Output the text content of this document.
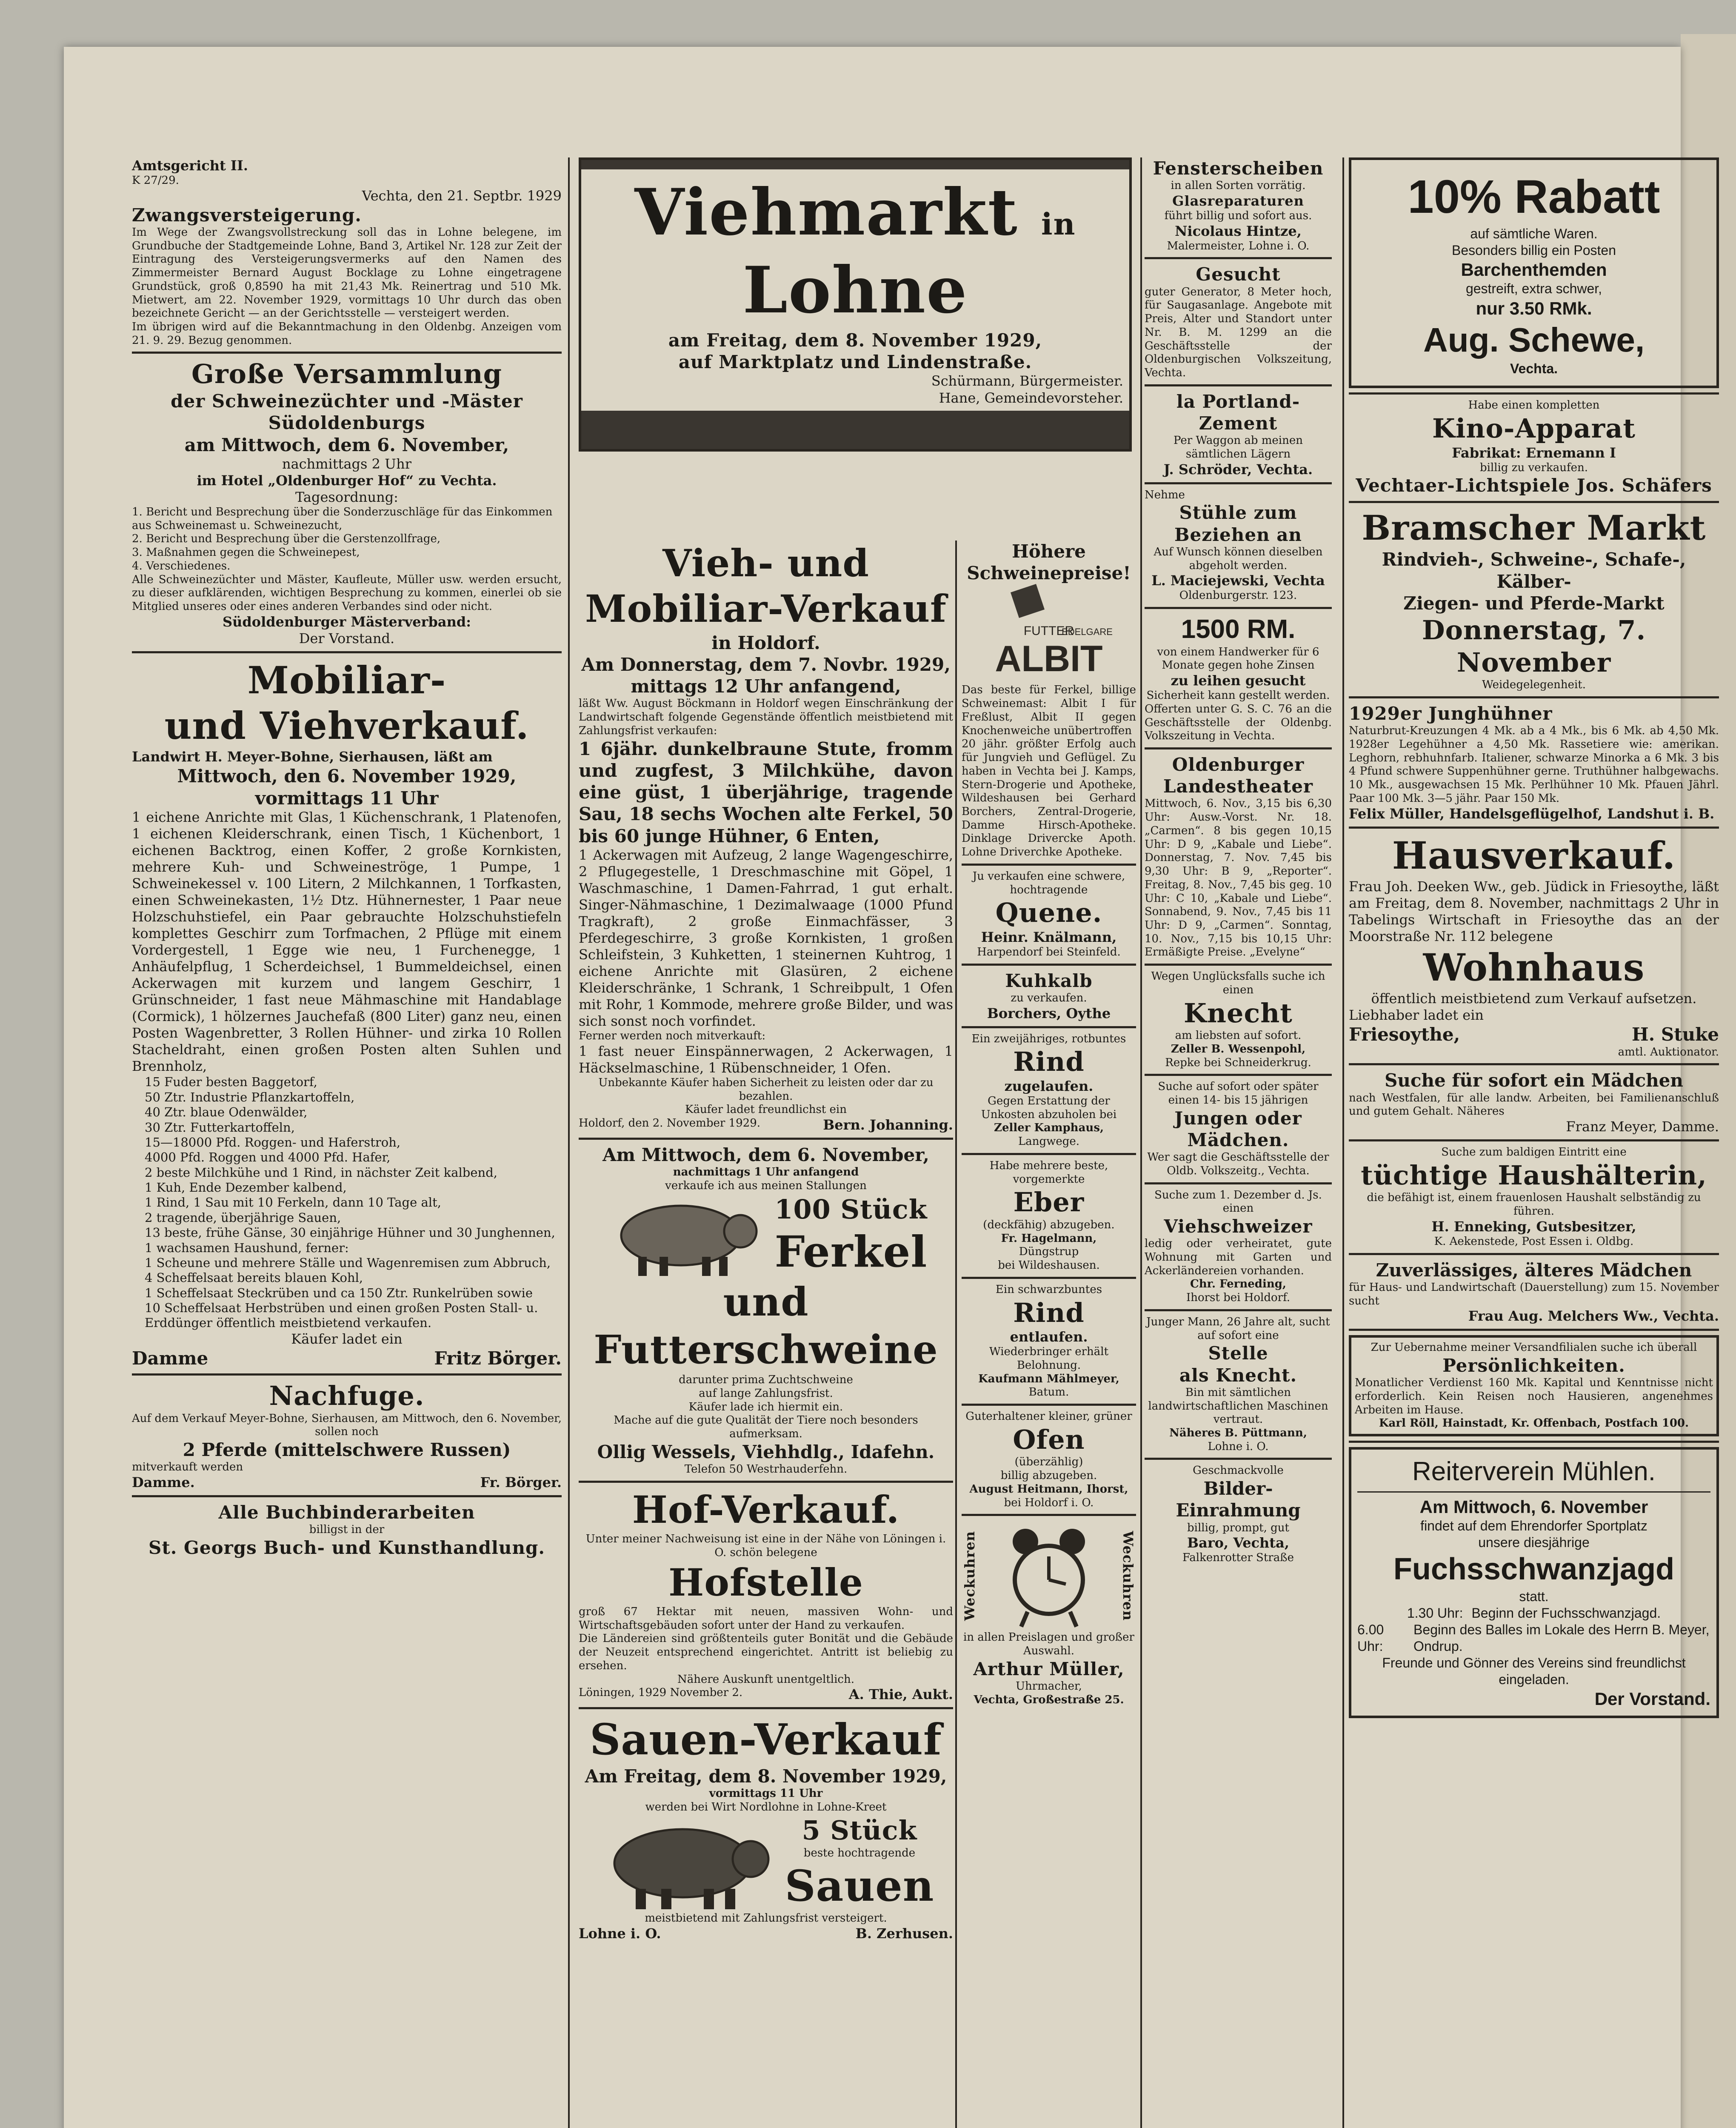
Amtsgericht II.

K 27/29.

Vechta, den 21. Septbr. 1929

Zwangsversteigerung.

Im Wege der Zwangsvollstreckung soll das in Lohne belegene, im Grundbuche der Stadtgemeinde Lohne, Band 3, Artikel Nr. 128 zur Zeit der Eintragung des Versteigerungsvermerks auf den Namen des Zimmermeister Bernard August Bocklage zu Lohne eingetragene Grundstück, groß 0,8590 ha mit 21,43 Mk. Reinertrag und 510 Mk. Mietwert, am 22. November 1929, vormittags 10 Uhr durch das oben bezeichnete Gericht — an der Gerichtsstelle — versteigert werden.

Im übrigen wird auf die Bekanntmachung in den Oldenbg. Anzeigen vom 21. 9. 29. Bezug genommen.

Große Versammlung

der Schweinezüchter und -Mäster

Südoldenburgs

am Mittwoch, dem 6. November,

nachmittags 2 Uhr

im Hotel „Oldenburger Hof“ zu Vechta.

Tagesordnung:

1. Bericht und Besprechung über die Sonderzuschläge für das Einkommen aus Schweinemast u. Schweinezucht,

2. Bericht und Besprechung über die Gerstenzollfrage,

3. Maßnahmen gegen die Schweinepest,

4. Verschiedenes.

Alle Schweinezüchter und Mäster, Kaufleute, Müller usw. werden ersucht, zu dieser aufklärenden, wichtigen Besprechung zu kommen, einerlei ob sie Mitglied unseres oder eines anderen Verbandes sind oder nicht.

Südoldenburger Mästerverband:

Der Vorstand.

Mobiliar-

und Viehverkauf.

Landwirt H. Meyer-Bohne, Sierhausen, läßt am

Mittwoch, den 6. November 1929,

vormittags 11 Uhr

1 eichene Anrichte mit Glas, 1 Küchenschrank, 1 Platenofen, 1 eichenen Kleiderschrank, einen Tisch, 1 Küchenbort, 1 eichenen Backtrog, einen Koffer, 2 große Kornkisten, mehrere Kuh- und Schweineströge, 1 Pumpe, 1 Schweinekessel v. 100 Litern, 2 Milchkannen, 1 Torfkasten, einen Schweinekasten, 1½ Dtz. Hühnernester, 1 Paar neue Holzschuhstiefel, ein Paar gebrauchte Holzschuhstiefeln komplettes Geschirr zum Torfmachen, 2 Pflüge mit einem Vordergestell, 1 Egge wie neu, 1 Furchenegge, 1 Anhäufelpflug, 1 Scherdeichsel, 1 Bummeldeichsel, einen Ackerwagen mit kurzem und langem Geschirr, 1 Grünschneider, 1 fast neue Mähmaschine mit Handablage (Cormick), 1 hölzernes Jauchefaß (800 Liter) ganz neu, einen Posten Wagenbretter, 3 Rollen Hühner- und zirka 10 Rollen Stacheldraht, einen großen Posten alten Suhlen und Brennholz,

15 Fuder besten Baggetorf,
50 Ztr. Industrie Pflanzkartoffeln,
40 Ztr. blaue Odenwälder,
30 Ztr. Futterkartoffeln,
15—18000 Pfd. Roggen- und Haferstroh,
4000 Pfd. Roggen und 4000 Pfd. Hafer,
2 beste Milchkühe und 1 Rind, in nächster Zeit kalbend,
1 Kuh, Ende Dezember kalbend,
1 Rind, 1 Sau mit 10 Ferkeln, dann 10 Tage alt,
2 tragende, überjährige Sauen,
13 beste, frühe Gänse, 30 einjährige Hühner und 30 Junghennen,
1 wachsamen Haushund, ferner:
1 Scheune und mehrere Ställe und Wagenremisen zum Abbruch,
4 Scheffelsaat bereits blauen Kohl,
1 Scheffelsaat Steckrüben und ca 150 Ztr. Runkelrüben sowie
10 Scheffelsaat Herbstrüben und einen großen Posten Stall- u. Erddünger öffentlich meistbietend verkaufen.

Käufer ladet ein

Damme	Fritz Börger.

Nachfuge.

Auf dem Verkauf Meyer-Bohne, Sierhausen, am Mittwoch, den 6. November, sollen noch

2 Pferde (mittelschwere Russen)

mitverkauft werden

Damme.	Fr. Börger.

Alle Buchbinderarbeiten

billigst in der

St. Georgs Buch- und Kunsthandlung.

Viehmarkt in Lohne

am Freitag, dem 8. November 1929,

auf Marktplatz und Lindenstraße.

Schürmann, Bürgermeister.

Hane, Gemeindevorsteher.

Vieh- und

Mobiliar-Verkauf

in Holdorf.

Am Donnerstag, dem 7. Novbr. 1929,

mittags 12 Uhr anfangend,

läßt Ww. August Böckmann in Holdorf wegen Einschränkung der Landwirtschaft folgende Gegenstände öffentlich meistbietend mit Zahlungsfrist verkaufen:

1 6jähr. dunkelbraune Stute, fromm und zugfest, 3 Milchkühe, davon eine güst, 1 überjährige, tragende Sau, 18 sechs Wochen alte Ferkel, 50 bis 60 junge Hühner, 6 Enten,

1 Ackerwagen mit Aufzeug, 2 lange Wagengeschirre, 2 Pflugegestelle, 1 Dreschmaschine mit Göpel, 1 Waschmaschine, 1 Damen-Fahrrad, 1 gut erhalt. Singer-Nähmaschine, 1 Dezimalwaage (1000 Pfund Tragkraft), 2 große Einmachfässer, 3 Pferdegeschirre, 3 große Kornkisten, 1 großen Schleifstein, 3 Kuhketten, 1 steinernen Kuhtrog, 1 eichene Anrichte mit Glasüren, 2 eichene Kleiderschränke, 1 Schrank, 1 Schreibpult, 1 Ofen mit Rohr, 1 Kommode, mehrere große Bilder, und was sich sonst noch vorfindet.

Ferner werden noch mitverkauft:

1 fast neuer Einspännerwagen, 2 Ackerwagen, 1 Häckselmaschine, 1 Rübenschneider, 1 Ofen.

Unbekannte Käufer haben Sicherheit zu leisten oder dar zu bezahlen.

Käufer ladet freundlichst ein

Holdorf, den 2. November 1929.	Bern. Johanning.

Am Mittwoch, dem 6. November,

nachmittags 1 Uhr anfangend

verkaufe ich aus meinen Stallungen

100 Stück

Ferkel

und Futterschweine

darunter prima Zuchtschweine

auf lange Zahlungsfrist.

Käufer lade ich hiermit ein.

Mache auf die gute Qualität der Tiere noch besonders aufmerksam.

Ollig Wessels, Viehhdlg., Idafehn.

Telefon 50 Westrhauderfehn.

Hof-Verkauf.

Unter meiner Nachweisung ist eine in der Nähe von Löningen i. O. schön belegene

Hofstelle

groß 67 Hektar mit neuen, massiven Wohn- und Wirtschaftsgebäuden sofort unter der Hand zu verkaufen.

Die Ländereien sind größtenteils guter Bonität und die Gebäude der Neuzeit entsprechend eingerichtet. Antritt ist beliebig zu ersehen.

Nähere Auskunft unentgeltlich.

Löningen, 1929 November 2.	A. Thie, Aukt.

Sauen-Verkauf

Am Freitag, dem 8. November 1929,

vormittags 11 Uhr

werden bei Wirt Nordlohne in Lohne-Kreet

5 Stück

beste hochtragende

Sauen

meistbietend mit Zahlungsfrist versteigert.

Lohne i. O.	B. Zerhusen.

Höhere

Schweinepreise!

FUTTER
ALBIT
EDELGARE

Das beste für Ferkel, billige Schweinemast: Albit I für Freßlust, Albit II gegen Knochenweiche unübertroffen

20 jähr. größter Erfolg auch für Jungvieh und Geflügel. Zu haben in Vechta bei J. Kamps, Stern-Drogerie und Apotheke, Wildeshausen bei Gerhard Borchers, Zentral-Drogerie, Damme Hirsch-Apotheke. Dinklage Drivercke Apoth. Lohne Driverchke Apotheke.

Ju verkaufen eine schwere, hochtragende

Quene.

Heinr. Knälmann,

Harpendorf bei Steinfeld.

Kuhkalb

zu verkaufen.

Borchers, Oythe

Ein zweijähriges, rotbuntes

Rind

zugelaufen.

Gegen Erstattung der Unkosten abzuholen bei

Zeller Kamphaus,

Langwege.

Habe mehrere beste, vorgemerkte

Eber

(deckfähig) abzugeben.

Fr. Hagelmann,

Düngstrup

bei Wildeshausen.

Ein schwarzbuntes

Rind

entlaufen.

Wiederbringer erhält Belohnung.

Kaufmann Mählmeyer,

Batum.

Guterhaltener kleiner, grüner

Ofen

(überzählig)

billig abzugeben.

August Heitmann, Ihorst,

bei Holdorf i. O.

Weckuhren	Weckuhren

in allen Preislagen und großer Auswahl.

Arthur Müller,

Uhrmacher,

Vechta, Großestraße 25.

Fensterscheiben

in allen Sorten vorrätig.

Glasreparaturen

führt billig und sofort aus.

Nicolaus Hintze,

Malermeister, Lohne i. O.

Gesucht

guter Generator, 8 Meter hoch, für Saugasanlage. Angebote mit Preis, Alter und Standort unter Nr. B. M. 1299 an die Geschäftsstelle der Oldenburgischen Volkszeitung, Vechta.

la Portland-

Zement

Per Waggon ab meinen sämtlichen Lägern

J. Schröder, Vechta.

Nehme

Stühle zum

Beziehen an

Auf Wunsch können dieselben abgeholt werden.

L. Maciejewski, Vechta

Oldenburgerstr. 123.

1500 RM.

von einem Handwerker für 6 Monate gegen hohe Zinsen

zu leihen gesucht

Sicherheit kann gestellt werden.

Offerten unter G. S. C. 76 an die Geschäftsstelle der Oldenbg. Volkszeitung in Vechta.

Oldenburger

Landestheater

Mittwoch, 6. Nov., 3,15 bis 6,30 Uhr: Ausw.-Vorst. Nr. 18. „Carmen“. 8 bis gegen 10,15 Uhr: D 9, „Kabale und Liebe“. Donnerstag, 7. Nov. 7,45 bis 9,30 Uhr: B 9, „Reporter“. Freitag, 8. Nov., 7,45 bis geg. 10 Uhr: C 10, „Kabale und Liebe“. Sonnabend, 9. Nov., 7,45 bis 11 Uhr: D 9, „Carmen“. Sonntag, 10. Nov., 7,15 bis 10,15 Uhr: Ermäßigte Preise. „Evelyne“

Wegen Unglücksfalls suche ich einen

Knecht

am liebsten auf sofort.

Zeller B. Wessenpohl,

Repke bei Schneiderkrug.

Suche auf sofort oder später einen 14- bis 15 jährigen

Jungen oder

Mädchen.

Wer sagt die Geschäftsstelle der Oldb. Volkszeitg., Vechta.

Suche zum 1. Dezember d. Js. einen

Viehschweizer

ledig oder verheiratet, gute Wohnung mit Garten und Ackerländereien vorhanden.

Chr. Ferneding,

Ihorst bei Holdorf.

Junger Mann, 26 Jahre alt, sucht auf sofort eine

Stelle

als Knecht.

Bin mit sämtlichen landwirtschaftlichen Maschinen vertraut.

Näheres B. Püttmann,

Lohne i. O.

Geschmackvolle

Bilder-

Einrahmung

billig, prompt, gut

Baro, Vechta,

Falkenrotter Straße

10% Rabatt

auf sämtliche Waren.

Besonders billig ein Posten

Barchenthemden

gestreift, extra schwer,

nur 3.50 RMk.

Aug. Schewe,

Vechta.

Habe einen kompletten

Kino-Apparat

Fabrikat: Ernemann I

billig zu verkaufen.

Vechtaer-Lichtspiele Jos. Schäfers

Bramscher Markt

Rindvieh-, Schweine-, Schafe-, Kälber-

Ziegen- und Pferde-Markt

Donnerstag, 7. November

Weidegelegenheit.

1929er Junghühner

Naturbrut-Kreuzungen 4 Mk. ab a 4 Mk., bis 6 Mk. ab 4,50 Mk. 1928er Legehühner a 4,50 Mk. Rassetiere wie: amerikan. Leghorn, rebhuhnfarb. Italiener, schwarze Minorka a 6 Mk. 3 bis 4 Pfund schwere Suppenhühner gerne. Truthühner halbgewachs. 10 Mk., ausgewachsen 15 Mk. Perlhühner 10 Mk. Pfauen Jährl. Paar 100 Mk. 3—5 jähr. Paar 150 Mk.

Felix Müller, Handelsgeflügelhof, Landshut i. B.

Hausverkauf.

Frau Joh. Deeken Ww., geb. Jüdick in Friesoythe, läßt am Freitag, dem 8. November, nachmittags 2 Uhr in Tabelings Wirtschaft in Friesoythe das an der Moorstraße Nr. 112 belegene

Wohnhaus

öffentlich meistbietend zum Verkauf aufsetzen.

Liebhaber ladet ein

Friesoythe,	H. Stuke

amtl. Auktionator.

Suche für sofort ein Mädchen

nach Westfalen, für alle landw. Arbeiten, bei Familienanschluß und gutem Gehalt. Näheres

Franz Meyer, Damme.

Suche zum baldigen Eintritt eine

tüchtige Haushälterin,

die befähigt ist, einem frauenlosen Haushalt selbständig zu führen.

H. Enneking, Gutsbesitzer,

K. Aekenstede, Post Essen i. Oldbg.

Zuverlässiges, älteres Mädchen

für Haus- und Landwirtschaft (Dauerstellung) zum 15. November sucht

Frau Aug. Melchers Ww., Vechta.

Zur Uebernahme meiner Versandfilialen suche ich überall

Persönlichkeiten.

Monatlicher Verdienst 160 Mk. Kapital und Kenntnisse nicht erforderlich. Kein Reisen noch Hausieren, angenehmes Arbeiten im Hause.

Karl Röll, Hainstadt, Kr. Offenbach, Postfach 100.

Reiterverein Mühlen.

Am Mittwoch, 6. November

findet auf dem Ehrendorfer Sportplatz

unsere diesjährige

Fuchsschwanzjagd

statt.

1.30 Uhr: Beginn der Fuchsschwanzjagd.

6.00 Uhr:

Beginn des Balles im Lokale des Herrn B. Meyer, Ondrup.

Freunde und Gönner des Vereins sind freundlichst eingeladen.

Der Vorstand.
